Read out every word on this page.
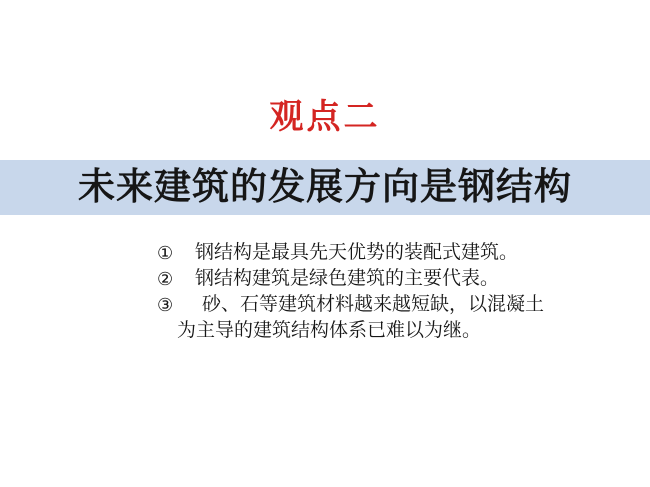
观点二
未来建筑的发展方向是钢结构
① 钢结构是最具先天优势的装配式建筑。
② 钢结构建筑是绿色建筑的主要代表。
③	砂、石等建筑材料越来越短缺，以混凝土
为主导的建筑结构体系已难以为继。
